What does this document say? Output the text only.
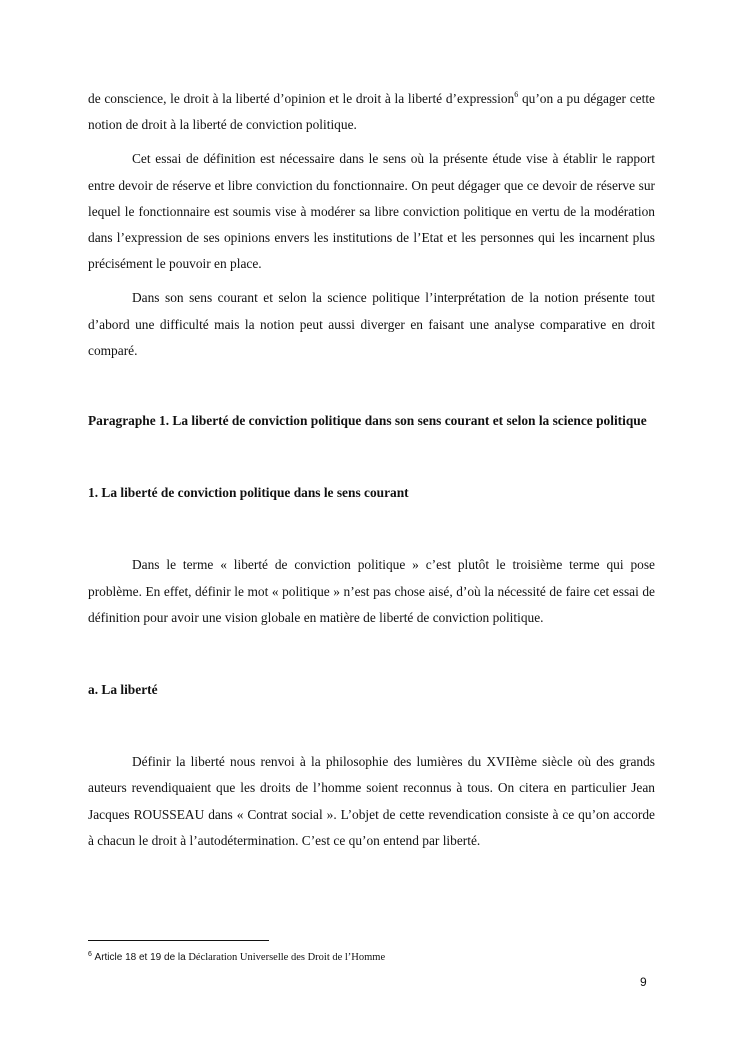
de conscience, le droit à la liberté d’opinion et le droit à la liberté d’expression$^6$ qu’on a pu dégager cette notion de droit à la liberté de conviction politique.

Cet essai de définition est nécessaire dans le sens où la présente étude vise à établir le rapport entre devoir de réserve et libre conviction du fonctionnaire. On peut dégager que ce devoir de réserve sur lequel le fonctionnaire est soumis vise à modérer sa libre conviction politique en vertu de la modération dans l’expression de ses opinions envers les institutions de l’Etat et les personnes qui les incarnent plus précisément le pouvoir en place.

Dans son sens courant et selon la science politique l’interprétation de la notion présente tout d’abord une difficulté mais la notion peut aussi diverger en faisant une analyse comparative en droit comparé.

Paragraphe 1. La liberté de conviction politique dans son sens courant et selon la science politique

1. La liberté de conviction politique dans le sens courant

Dans le terme « liberté de conviction politique » c’est plutôt le troisième terme qui pose problème. En effet, définir le mot « politique » n’est pas chose aisé, d’où la nécessité de faire cet essai de définition pour avoir une vision globale en matière de liberté de conviction politique.

a. La liberté

Définir la liberté nous renvoi à la philosophie des lumières du XVIIème siècle où des grands auteurs revendiquaient que les droits de l’homme soient reconnus à tous. On citera en particulier Jean Jacques ROUSSEAU dans « Contrat social ». L’objet de cette revendication consiste à ce qu’on accorde à chacun le droit à l’autodétermination. C’est ce qu’on entend par liberté.

$^6$ Article 18 et 19 de la Déclaration Universelle des Droit de l’Homme
9
